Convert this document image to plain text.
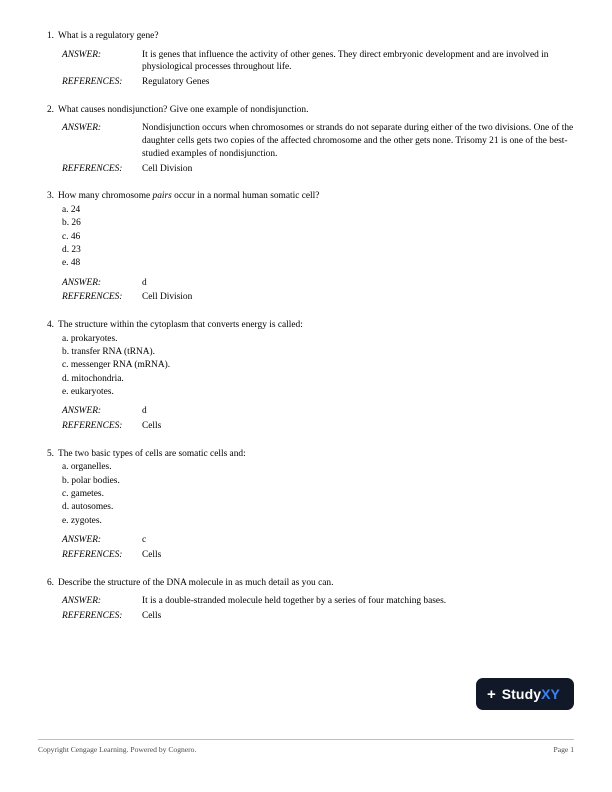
1. What is a regulatory gene?
ANSWER:	It is genes that influence the activity of other genes. They direct embryonic development and are involved in physiological processes throughout life.
REFERENCES:	Regulatory Genes
2. What causes nondisjunction? Give one example of nondisjunction.
ANSWER:	Nondisjunction occurs when chromosomes or strands do not separate during either of the two divisions. One of the daughter cells gets two copies of the affected chromosome and the other gets none. Trisomy 21 is one of the best-studied examples of nondisjunction.
REFERENCES:	Cell Division
3. How many chromosome pairs occur in a normal human somatic cell?
a. 24
b. 26
c. 46
d. 23
e. 48
ANSWER:	d
REFERENCES:	Cell Division
4. The structure within the cytoplasm that converts energy is called:
a. prokaryotes.
b. transfer RNA (tRNA).
c. messenger RNA (mRNA).
d. mitochondria.
e. eukaryotes.
ANSWER:	d
REFERENCES:	Cells
5. The two basic types of cells are somatic cells and:
a. organelles.
b. polar bodies.
c. gametes.
d. autosomes.
e. zygotes.
ANSWER:	c
REFERENCES:	Cells
6. Describe the structure of the DNA molecule in as much detail as you can.
ANSWER:	It is a double-stranded molecule held together by a series of four matching bases.
REFERENCES:	Cells
+ StudyXY
Copyright Cengage Learning. Powered by Cognero.	Page 1
